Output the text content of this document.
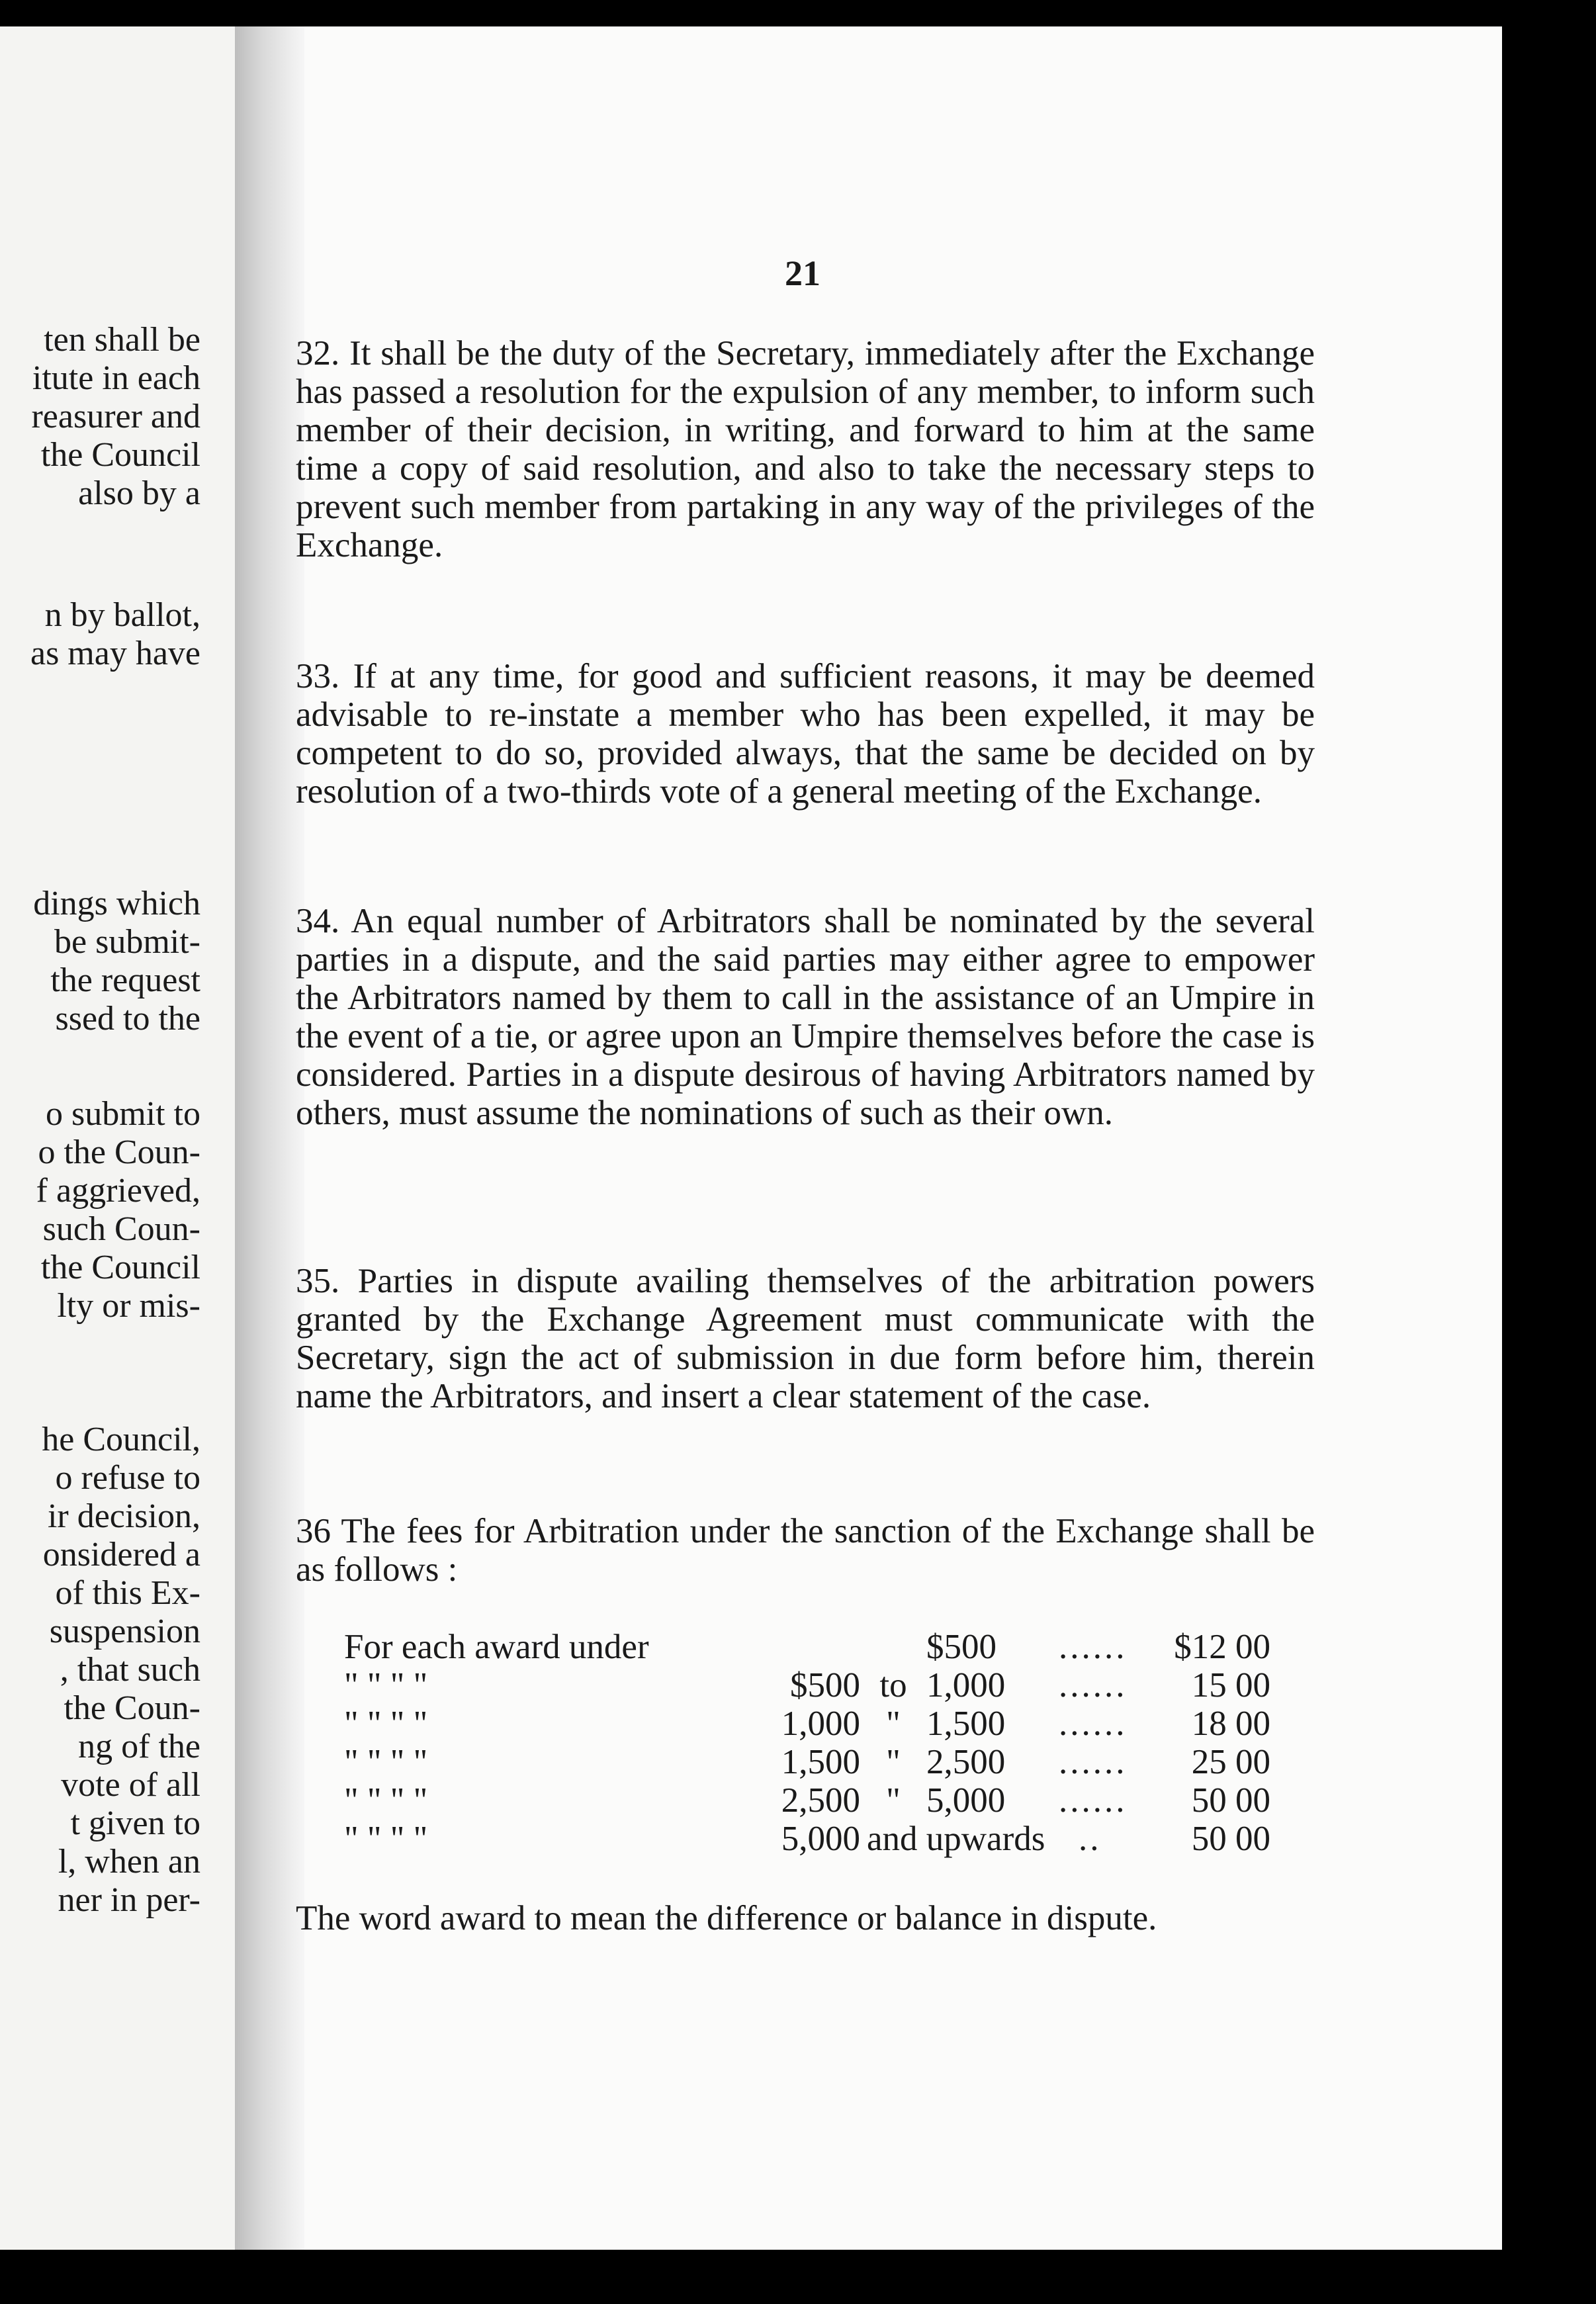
ten shall be
itute in each
reasurer and
the Council
also by a
n by ballot,
as may have
dings which
be submit-
the request
ssed to the
o submit to
o the Coun-
f aggrieved,
such Coun-
the Council
lty or mis-
he Council,
o refuse to
ir decision,
onsidered a
of this Ex-
suspension
, that such
the Coun-
ng of the
vote of all
t given to
l, when an
ner in per-
21
32. It shall be the duty of the Secretary, immediately after the Exchange has passed a resolution for the expulsion of any member, to inform such member of their decision, in writing, and forward to him at the same time a copy of said resolution, and also to take the necessary steps to prevent such member from partaking in any way of the privileges of the Exchange.
33. If at any time, for good and sufficient reasons, it may be deemed advisable to re-instate a member who has been expelled, it may be competent to do so, provided always, that the same be decided on by resolution of a two-thirds vote of a general meeting of the Exchange.
34. An equal number of Arbitrators shall be nominated by the several parties in a dispute, and the said parties may either agree to empower the Arbitrators named by them to call in the assistance of an Umpire in the event of a tie, or agree upon an Umpire themselves before the case is considered. Parties in a dispute desirous of having Arbitrators named by others, must assume the nominations of such as their own.
35. Parties in dispute availing themselves of the arbitration powers granted by the Exchange Agreement must communicate with the Secretary, sign the act of submission in due form before him, therein name the Arbitrators, and insert a clear statement of the case.
36 The fees for Arbitration under the sanction of the Exchange shall be as follows :
For each award under	$500	......	$12 00
" " " "	$500 to 1,000	......	15 00
" " " "	1,000 " 1,500	......	18 00
" " " "	1,500 " 2,500	......	25 00
" " " "	2,500 " 5,000	......	50 00
" " " "	5,000 and upwards ..	50 00
The word award to mean the difference or balance in dispute.
